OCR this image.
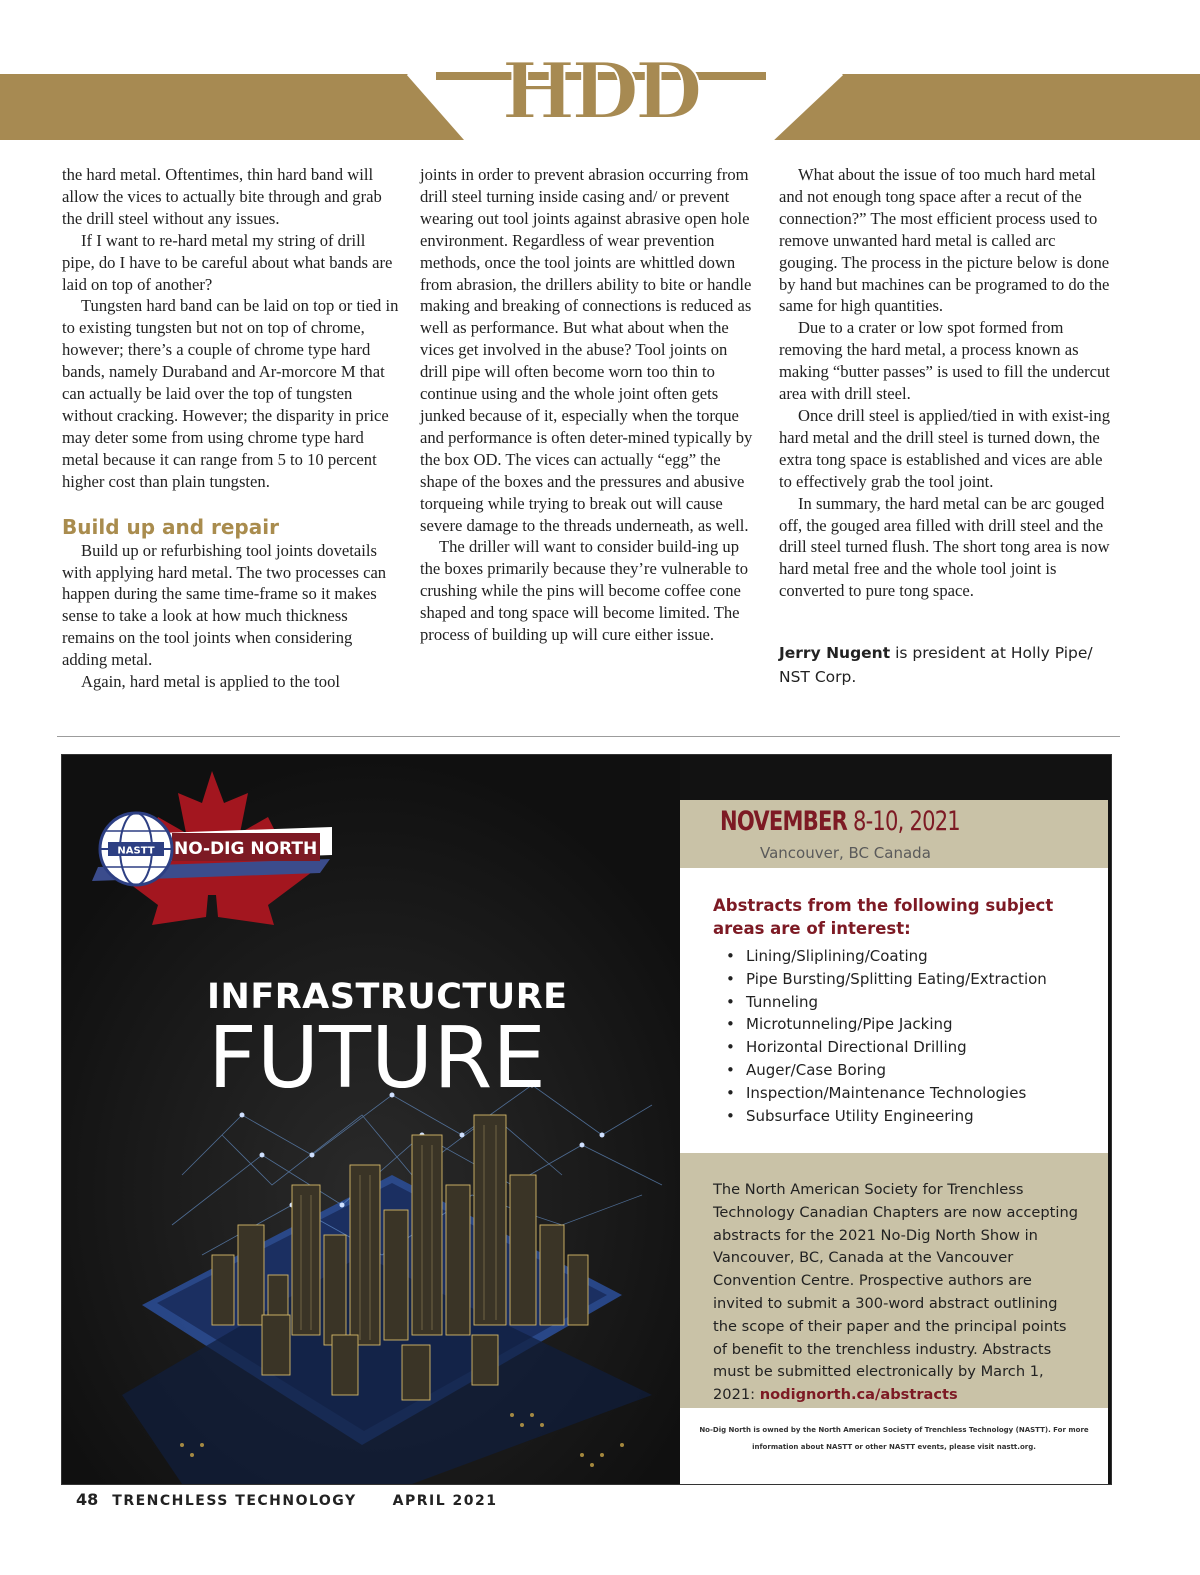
HDD

the hard metal. Oftentimes, thin hard band will allow the vices to actually bite through and grab the drill steel without any issues.

If I want to re-hard metal my string of drill pipe, do I have to be careful about what bands are laid on top of another?

Tungsten hard band can be laid on top or tied in to existing tungsten but not on top of chrome, however; there’s a couple of chrome type hard bands, namely Duraband and Ar-morcore M that can actually be laid over the top of tungsten without cracking. However; the disparity in price may deter some from using chrome type hard metal because it can range from 5 to 10 percent higher cost than plain tungsten.

Build up and repair

Build up or refurbishing tool joints dovetails with applying hard metal. The two processes can happen during the same time-frame so it makes sense to take a look at how much thickness remains on the tool joints when considering adding metal.

Again, hard metal is applied to the tool

joints in order to prevent abrasion occurring from drill steel turning inside casing and/ or prevent wearing out tool joints against abrasive open hole environment. Regardless of wear prevention methods, once the tool joints are whittled down from abrasion, the drillers ability to bite or handle making and breaking of connections is reduced as well as performance. But what about when the vices get involved in the abuse? Tool joints on drill pipe will often become worn too thin to continue using and the whole joint often gets junked because of it, especially when the torque and performance is often deter-mined typically by the box OD. The vices can actually “egg” the shape of the boxes and the pressures and abusive torqueing while trying to break out will cause severe damage to the threads underneath, as well.

The driller will want to consider build-ing up the boxes primarily because they’re vulnerable to crushing while the pins will become coffee cone shaped and tong space will become limited. The process of building up will cure either issue.

What about the issue of too much hard metal and not enough tong space after a recut of the connection?” The most efficient process used to remove unwanted hard metal is called arc gouging. The process in the picture below is done by hand but machines can be programed to do the same for high quantities.

Due to a crater or low spot formed from removing the hard metal, a process known as making “butter passes” is used to fill the undercut area with drill steel.

Once drill steel is applied/tied in with exist-ing hard metal and the drill steel is turned down, the extra tong space is established and vices are able to effectively grab the tool joint.

In summary, the hard metal can be arc gouged off, the gouged area filled with drill steel and the drill steel turned flush. The short tong area is now hard metal free and the whole tool joint is converted to pure tong space.

Jerry Nugent is president at Holly Pipe/ NST Corp.
NASTT NO-DIG NORTH
INFRASTRUCTURE
FUTURE
NOVEMBER 8-10, 2021
Vancouver, BC Canada
Abstracts from the following subject areas are of interest:
• Lining/Sliplining/Coating
• Pipe Bursting/Splitting Eating/Extraction
• Tunneling
• Microtunneling/Pipe Jacking
• Horizontal Directional Drilling
• Auger/Case Boring
• Inspection/Maintenance Technologies
• Subsurface Utility Engineering
The North American Society for Trenchless Technology Canadian Chapters are now accepting abstracts for the 2021 No-Dig North Show in Vancouver, BC, Canada at the Vancouver Convention Centre. Prospective authors are invited to submit a 300-word abstract outlining the scope of their paper and the principal points of benefit to the trenchless industry. Abstracts must be submitted electronically by March 1, 2021: nodignorth.ca/abstracts
No-Dig North is owned by the North American Society of Trenchless Technology (NASTT). For more information about NASTT or other NASTT events, please visit nastt.org.
48 TRENCHLESS TECHNOLOGY	APRIL 2021
